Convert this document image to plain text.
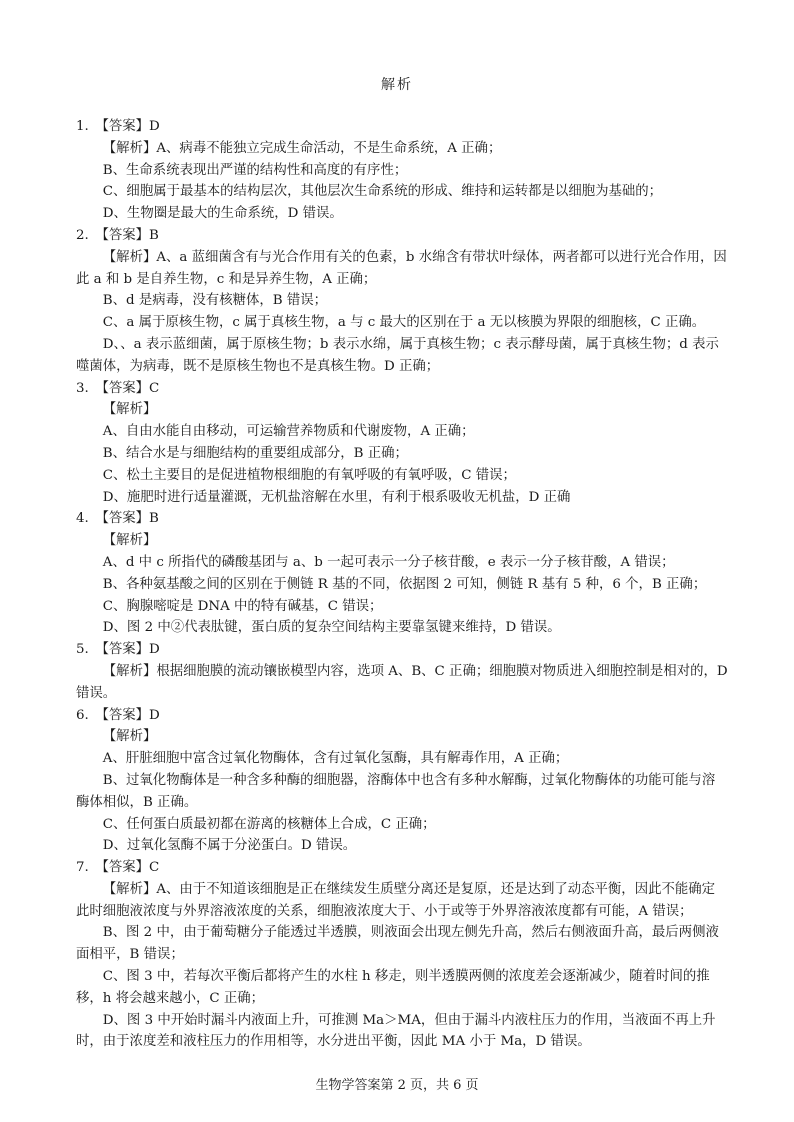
解析

1.　【答案】D

【解析】A、病毒不能独立完成生命活动，不是生命系统，A 正确；

B、生命系统表现出严谨的结构性和高度的有序性；

C、细胞属于最基本的结构层次，其他层次生命系统的形成、维持和运转都是以细胞为基础的；

D、生物圈是最大的生命系统，D 错误。

2.　【答案】B

【解析】A、a 蓝细菌含有与光合作用有关的色素，b 水绵含有带状叶绿体，两者都可以进行光合作用，因此 a 和 b 是自养生物，c 和是异养生物，A 正确；

B、d 是病毒，没有核糖体，B 错误；

C、a 属于原核生物，c 属于真核生物，a 与 c 最大的区别在于 a 无以核膜为界限的细胞核，C 正确。

D、、a 表示蓝细菌，属于原核生物；b 表示水绵，属于真核生物；c 表示酵母菌，属于真核生物；d 表示噬菌体，为病毒，既不是原核生物也不是真核生物。D 正确；

3.　【答案】C

【解析】

A、自由水能自由移动，可运输营养物质和代谢废物，A 正确；

B、结合水是与细胞结构的重要组成部分，B 正确；

C、松土主要目的是促进植物根细胞的有氧呼吸的有氧呼吸，C 错误；

D、施肥时进行适量灌溉，无机盐溶解在水里，有利于根系吸收无机盐，D 正确

4.　【答案】B

【解析】

A、d 中 c 所指代的磷酸基团与 a、b 一起可表示一分子核苷酸，e 表示一分子核苷酸，A 错误；

B、各种氨基酸之间的区别在于侧链 R 基的不同，依据图 2 可知，侧链 R 基有 5 种，6 个，B 正确；

C、胸腺嘧啶是 DNA 中的特有碱基，C 错误；

D、图 2 中②代表肽键，蛋白质的复杂空间结构主要靠氢键来维持，D 错误。

5.　【答案】D

【解析】根据细胞膜的流动镶嵌模型内容，选项 A、B、C 正确；细胞膜对物质进入细胞控制是相对的，D 错误。

6.　【答案】D

【解析】

A、肝脏细胞中富含过氧化物酶体，含有过氧化氢酶，具有解毒作用，A 正确；

B、过氧化物酶体是一种含多种酶的细胞器，溶酶体中也含有多种水解酶，过氧化物酶体的功能可能与溶酶体相似，B 正确。

C、任何蛋白质最初都在游离的核糖体上合成，C 正确；

D、过氧化氢酶不属于分泌蛋白。D 错误。

7.　【答案】C

【解析】A、由于不知道该细胞是正在继续发生质壁分离还是复原，还是达到了动态平衡，因此不能确定此时细胞液浓度与外界溶液浓度的关系，细胞液浓度大于、小于或等于外界溶液浓度都有可能，A 错误；

B、图 2 中，由于葡萄糖分子能透过半透膜，则液面会出现左侧先升高，然后右侧液面升高，最后两侧液面相平，B 错误；

C、图 3 中，若每次平衡后都将产生的水柱 h 移走，则半透膜两侧的浓度差会逐渐减少，随着时间的推移，h 将会越来越小，C 正确；

D、图 3 中开始时漏斗内液面上升，可推测 Ma＞MA，但由于漏斗内液柱压力的作用，当液面不再上升时，由于浓度差和液柱压力的作用相等，水分进出平衡，因此 MA 小于 Ma，D 错误。

生物学答案第 2 页，共 6 页
